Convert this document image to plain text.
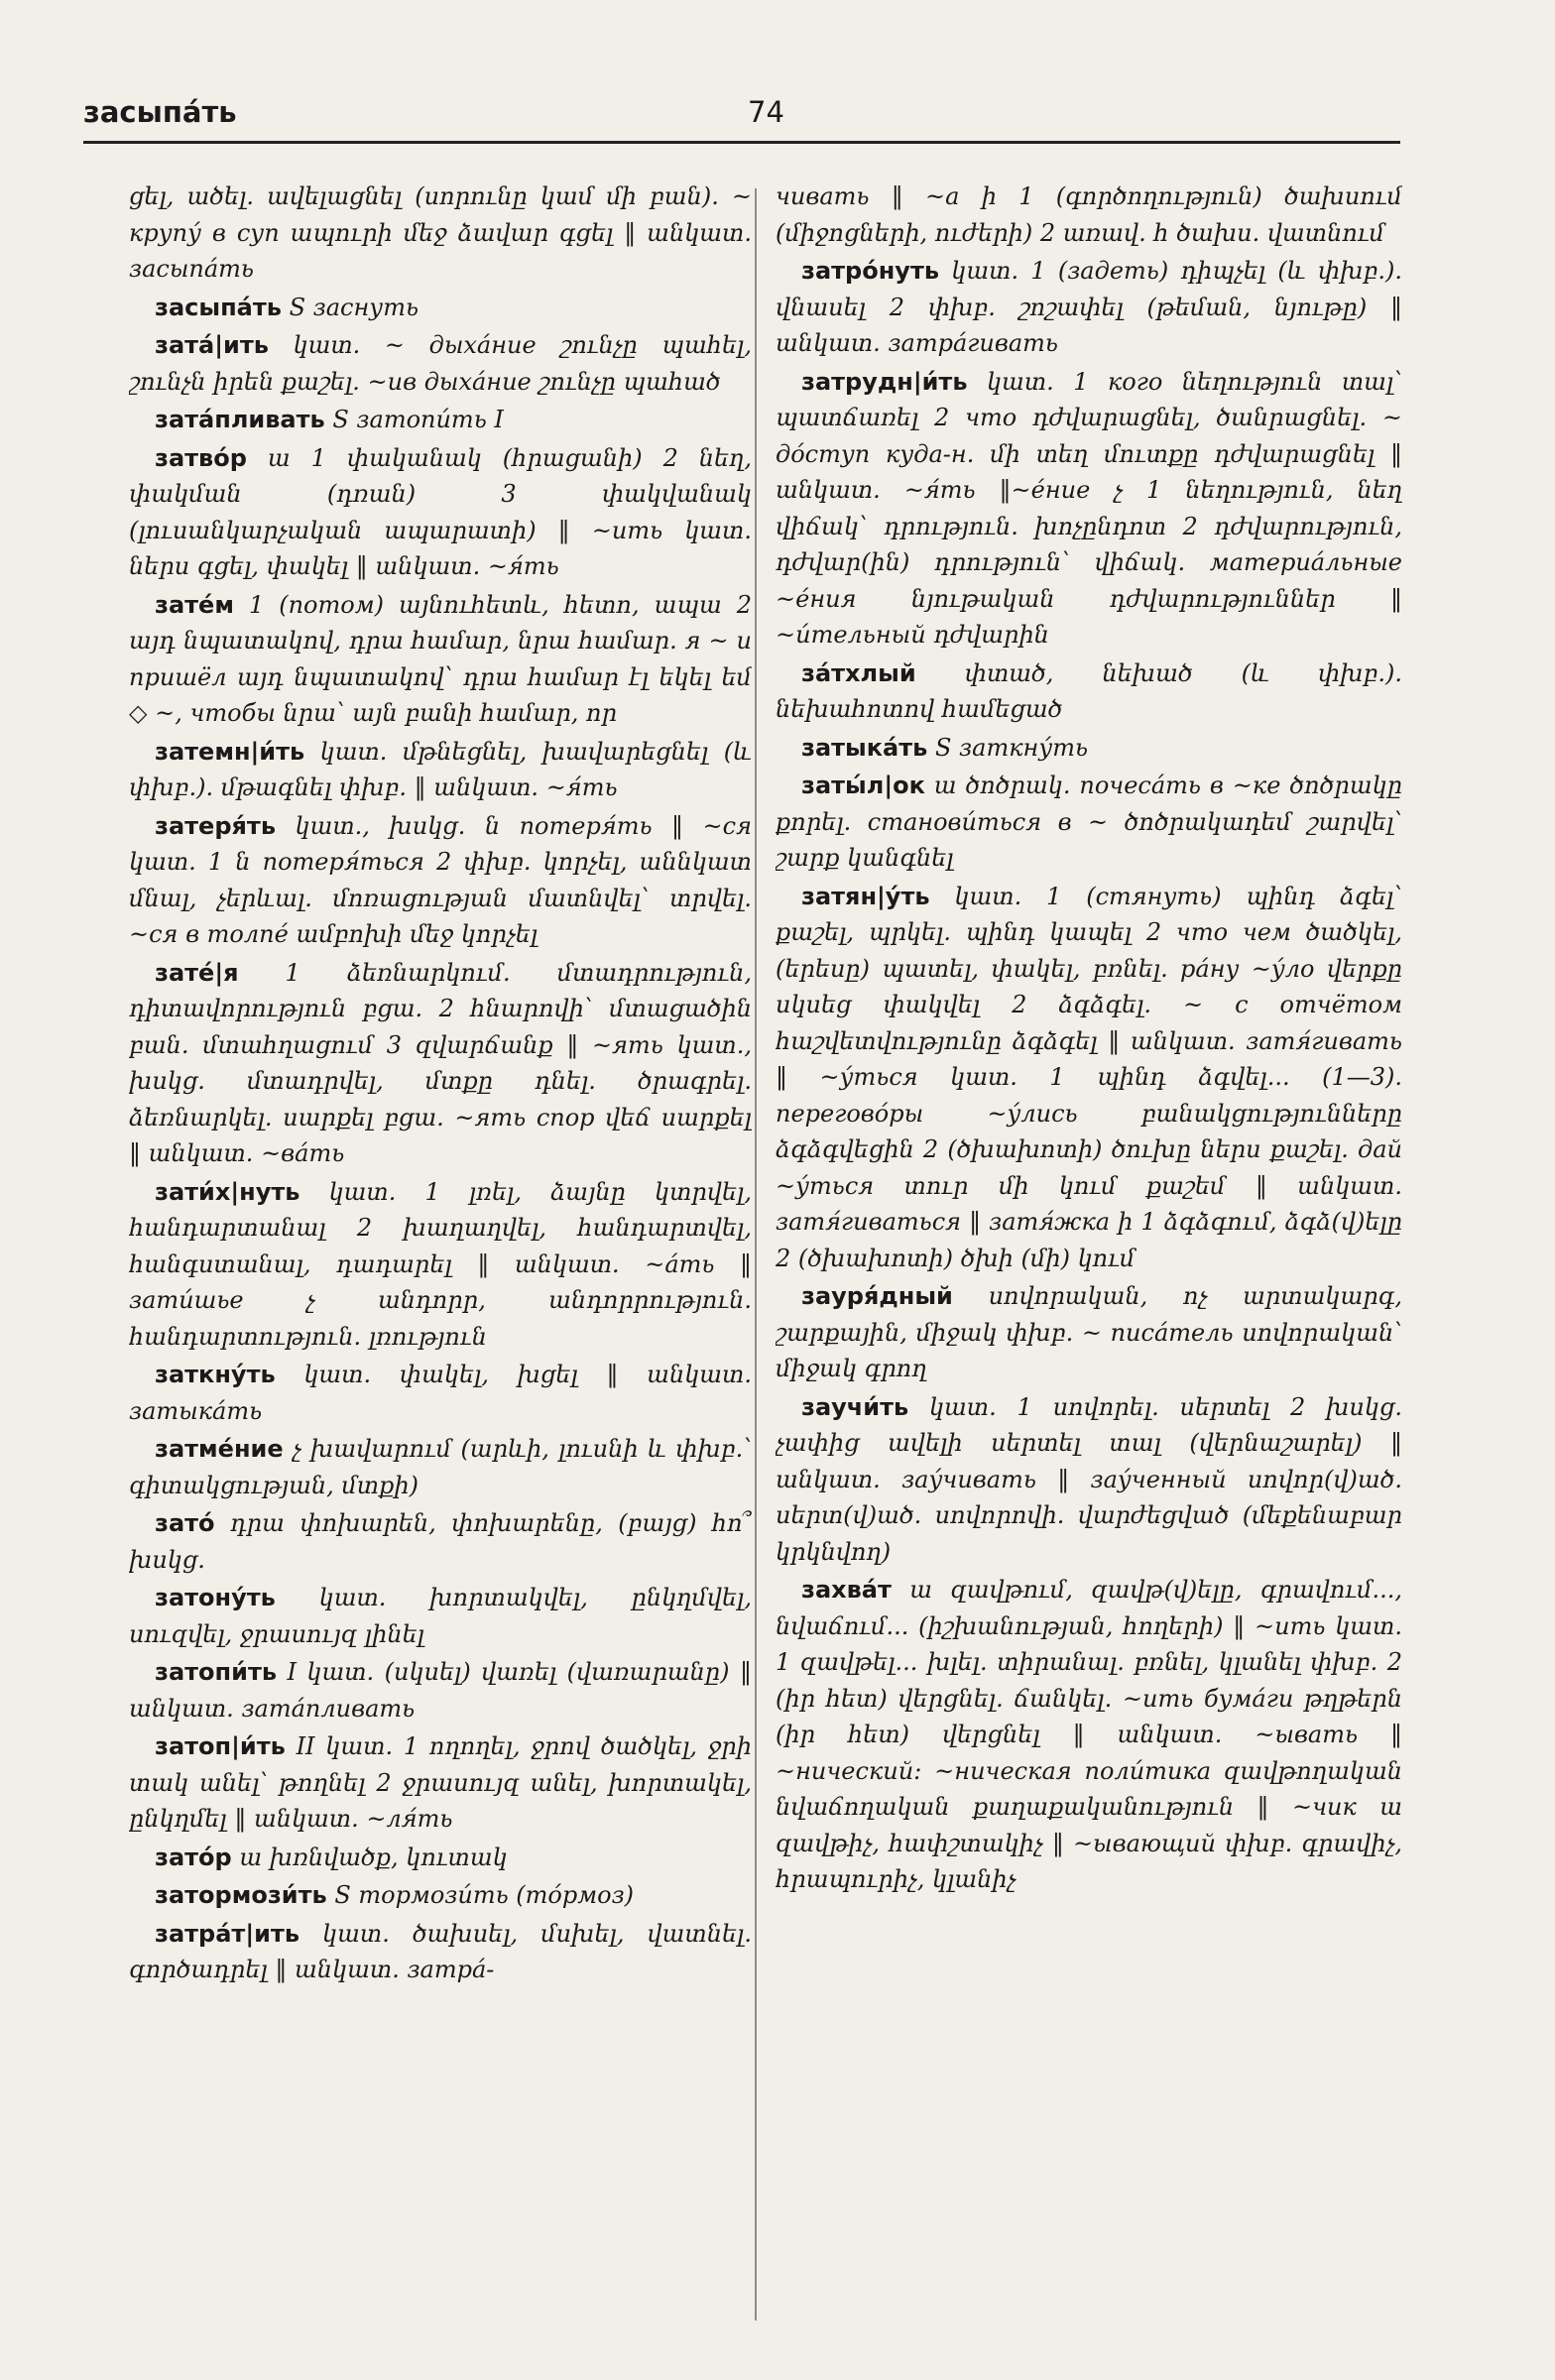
засыпа́ть	74

ցել, ածել. ավելացնել (սորունը կամ մի բան). ~ крупу́ в суп ապուրի մեջ ձավար գցել ‖ անկատ. засыпа́ть

засыпа́ть S заснуть

зата́|ить կատ. ~ дыха́ние շունչը պահել, շունչն իրեն քաշել. ~ив дыха́ние շունչը պահած

зата́пливать S затопи́ть I

затво́р ա 1 փականակ (հրացանի) 2 նեղ, փակման (դռան) 3 փակվանակ (լուսանկարչական ապարատի) ‖ ~ить կատ. ներս գցել, փակել ‖ անկատ. ~я́ть

зате́м 1 (потом) այնուհետև, հետո, ապա 2 այդ նպատակով, դրա համար, նրա համար. я ~ и пришёл այդ նպատակով՝ դրա համար էլ եկել եմ ◇ ~, чтобы նրա՝ այն բանի համար, որ

затемн|и́ть կատ. մթնեցնել, խավարեցնել (և փխբ.). մթագնել փխբ. ‖ անկատ. ~я́ть

затеря́ть կատ., խսկց. ն потеря́ть ‖ ~ся կատ. 1 ն потеря́ться 2 փխբ. կորչել, աննկատ մնալ, չերևալ. մոռացության մատնվել՝ տրվել. ~ся в толпе́ ամբոխի մեջ կորչել

зате́|я 1 ձեռնարկում. մտադրություն, դիտավորություն բցա. 2 հնարովի՝ մտացածին բան. մտահղացում 3 զվարճանք ‖ ~ять կատ., խսկց. մտադրվել, մտքը դնել. ծրագրել. ձեռնարկել. սարքել բցա. ~ять спор վեճ սարքել ‖ անկատ. ~ва́ть

зати́х|нуть կատ. 1 լռել, ձայնը կտրվել, հանդարտանալ 2 խաղաղվել, հանդարտվել, հանգստանալ, դադարել ‖ անկատ. ~а́ть ‖ зати́шье չ անդորր, անդորրություն. հանդարտություն. լռություն

заткну́ть կատ. փակել, խցել ‖ անկատ. затыка́ть

затме́ние չ խավարում (արևի, լուսնի և փխբ.՝ գիտակցության, մտքի)

зато́ դրա փոխարեն, փոխարենը, (բայց) հո՞ խսկց.

затону́ть կատ. խորտակվել, ընկղմվել, սուզվել, ջրասույզ լինել

затопи́ть I կատ. (սկսել) վառել (վառարանը) ‖ անկատ. зата́пливать

затоп|и́ть II կատ. 1 ողողել, ջրով ծածկել, ջրի տակ անել՝ թողնել 2 ջրասույզ անել, խորտակել, ընկղմել ‖ անկատ. ~ля́ть

зато́р ա խռնվածք, կուտակ

затормози́ть S тормози́ть (то́рмоз)

затра́т|ить կատ. ծախսել, մսխել, վատնել. գործադրել ‖ անկատ. затра́-

чивать ‖ ~а ի 1 (գործողություն) ծախսում (միջոցների, ուժերի) 2 առավ. հ ծախս. վատնում

затро́нуть կատ. 1 (задеть) դիպչել (և փխբ.). վնասել 2 փխբ. շոշափել (թեման, նյութը) ‖ անկատ. затра́гивать

затрудн|и́ть կատ. 1 кого նեղություն տալ՝ պատճառել 2 что դժվարացնել, ծանրացնել. ~ до́ступ куда-н. մի տեղ մուտքը դժվարացնել ‖ անկատ. ~я́ть ‖~е́ние չ 1 նեղություն, նեղ վիճակ՝ դրություն. խոչընդոտ 2 դժվարություն, դժվար(ին) դրություն՝ վիճակ. материа́льные ~е́ния նյութական դժվարություններ ‖ ~и́тельный դժվարին

за́тхлый փտած, նեխած (և փխբ.). նեխահոտով համեցած

затыка́ть S заткну́ть

заты́л|ок ա ծոծրակ. почеса́ть в ~ке ծոծրակը քորել. станови́ться в ~ ծոծրակադեմ շարվել՝ շարք կանգնել

затян|у́ть կատ. 1 (стянуть) պինդ ձգել՝ քաշել, պրկել. պինդ կապել 2 что чем ծածկել, (երեսը) պատել, փակել, բռնել. ра́ну ~у́ло վերքը սկսեց փակվել 2 ձգձգել. ~ с отчётом հաշվետվությունը ձգձգել ‖ անկատ. затя́гивать ‖ ~у́ться կատ. 1 պինդ ձգվել... (1—3). перегово́ры ~у́лись բանակցությունները ձգձգվեցին 2 (ծխախոտի) ծուխը ներս քաշել. дай ~у́ться տուր մի կում քաշեմ ‖ անկատ. затя́гиваться ‖ затя́жка ի 1 ձգձգում, ձգձ(վ)ելը 2 (ծխախոտի) ծխի (մի) կում

зауря́дный սովորական, ոչ արտակարգ, շարքային, միջակ փխբ. ~ писа́тель սովորական՝ միջակ գրող

заучи́ть կատ. 1 սովորել. սերտել 2 խսկց. չափից ավելի սերտել տալ (վերնաշարել) ‖ անկատ. зау́чивать ‖ зау́ченный սովոր(վ)ած. սերտ(վ)ած. սովորովի. վարժեցված (մեքենաբար կրկնվող)

захва́т ա զավթում, զավթ(վ)ելը, գրավում..., նվաճում... (իշխանության, հողերի) ‖ ~ить կատ. 1 զավթել... խլել. տիրանալ. բռնել, կլանել փխբ. 2 (իր հետ) վերցնել. ճանկել. ~ить бума́ги թղթերն (իր հետ) վերցնել ‖ անկատ. ~ывать ‖ ~нический: ~ническая поли́тика զավթողական նվաճողական քաղաքականություն ‖ ~чик ա զավթիչ, հափշտակիչ ‖ ~ывающий փխբ. գրավիչ, հրապուրիչ, կլանիչ
